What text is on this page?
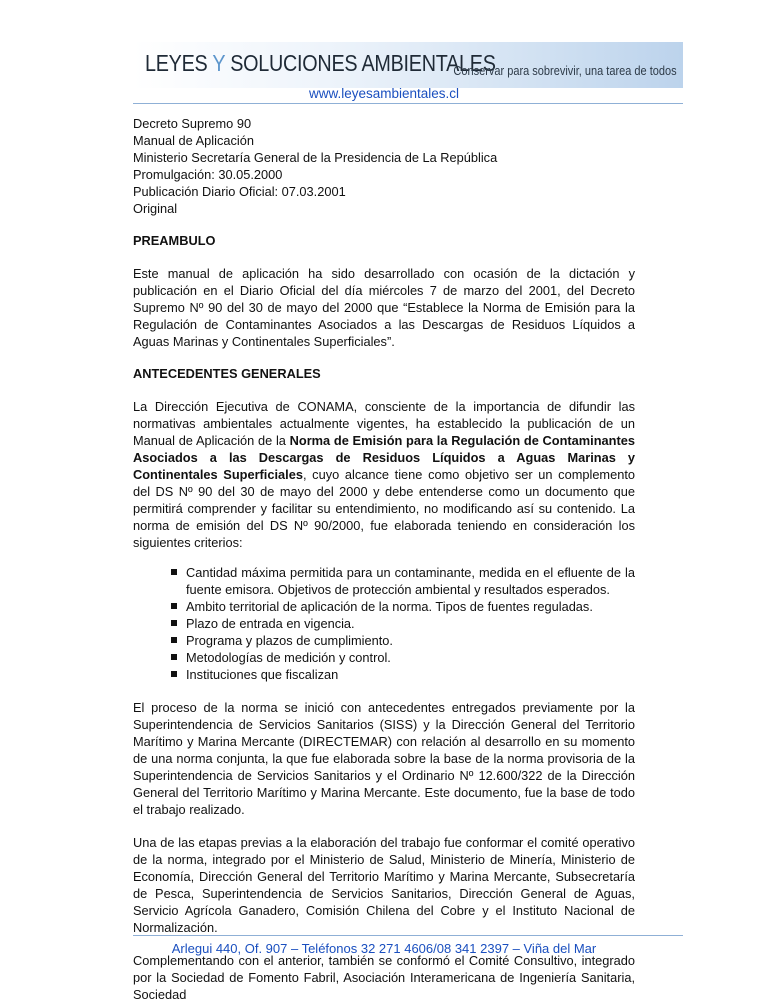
LEYES Y SOLUCIONES AMBIENTALES
Conservar para sobrevivir, una tarea de todos
www.leyesambientales.cl
Decreto Supremo 90
Manual de Aplicación
Ministerio Secretaría General de la Presidencia de La República
Promulgación: 30.05.2000
Publicación Diario Oficial: 07.03.2001
Original
PREAMBULO

Este manual de aplicación ha sido desarrollado con ocasión de la dictación y publicación en el Diario Oficial del día miércoles 7 de marzo del 2001, del Decreto Supremo Nº 90 del 30 de mayo del 2000 que “Establece la Norma de Emisión para la Regulación de Contaminantes Asociados a las Descargas de Residuos Líquidos a Aguas Marinas y Continentales Superficiales”.

ANTECEDENTES GENERALES

La Dirección Ejecutiva de CONAMA, consciente de la importancia de difundir las normativas ambientales actualmente vigentes, ha establecido la publicación de un Manual de Aplicación de la Norma de Emisión para la Regulación de Contaminantes Asociados a las Descargas de Residuos Líquidos a Aguas Marinas y Continentales Superficiales, cuyo alcance tiene como objetivo ser un complemento del DS Nº 90 del 30 de mayo del 2000 y debe entenderse como un documento que permitirá comprender y facilitar su entendimiento, no modificando así su contenido. La norma de emisión del DS Nº 90/2000, fue elaborada teniendo en consideración los siguientes criterios:

Cantidad máxima permitida para un contaminante, medida en el efluente de la fuente emisora. Objetivos de protección ambiental y resultados esperados.
Ambito territorial de aplicación de la norma. Tipos de fuentes reguladas.
Plazo de entrada en vigencia.
Programa y plazos de cumplimiento.
Metodologías de medición y control.
Instituciones que fiscalizan

El proceso de la norma se inició con antecedentes entregados previamente por la Superintendencia de Servicios Sanitarios (SISS) y la Dirección General del Territorio Marítimo y Marina Mercante (DIRECTEMAR) con relación al desarrollo en su momento de una norma conjunta, la que fue elaborada sobre la base de la norma provisoria de la Superintendencia de Servicios Sanitarios y el Ordinario Nº 12.600/322 de la Dirección General del Territorio Marítimo y Marina Mercante. Este documento, fue la base de todo el trabajo realizado.

Una de las etapas previas a la elaboración del trabajo fue conformar el comité operativo de la norma, integrado por el Ministerio de Salud, Ministerio de Minería, Ministerio de Economía, Dirección General del Territorio Marítimo y Marina Mercante, Subsecretaría de Pesca, Superintendencia de Servicios Sanitarios, Dirección General de Aguas, Servicio Agrícola Ganadero, Comisión Chilena del Cobre y el Instituto Nacional de Normalización.

Complementando con el anterior, también se conformó el Comité Consultivo, integrado por la Sociedad de Fomento Fabril, Asociación Interamericana de Ingeniería Sanitaria, Sociedad

Arlegui 440, Of. 907 – Teléfonos 32 271 4606/08 341 2397 – Viña del Mar
